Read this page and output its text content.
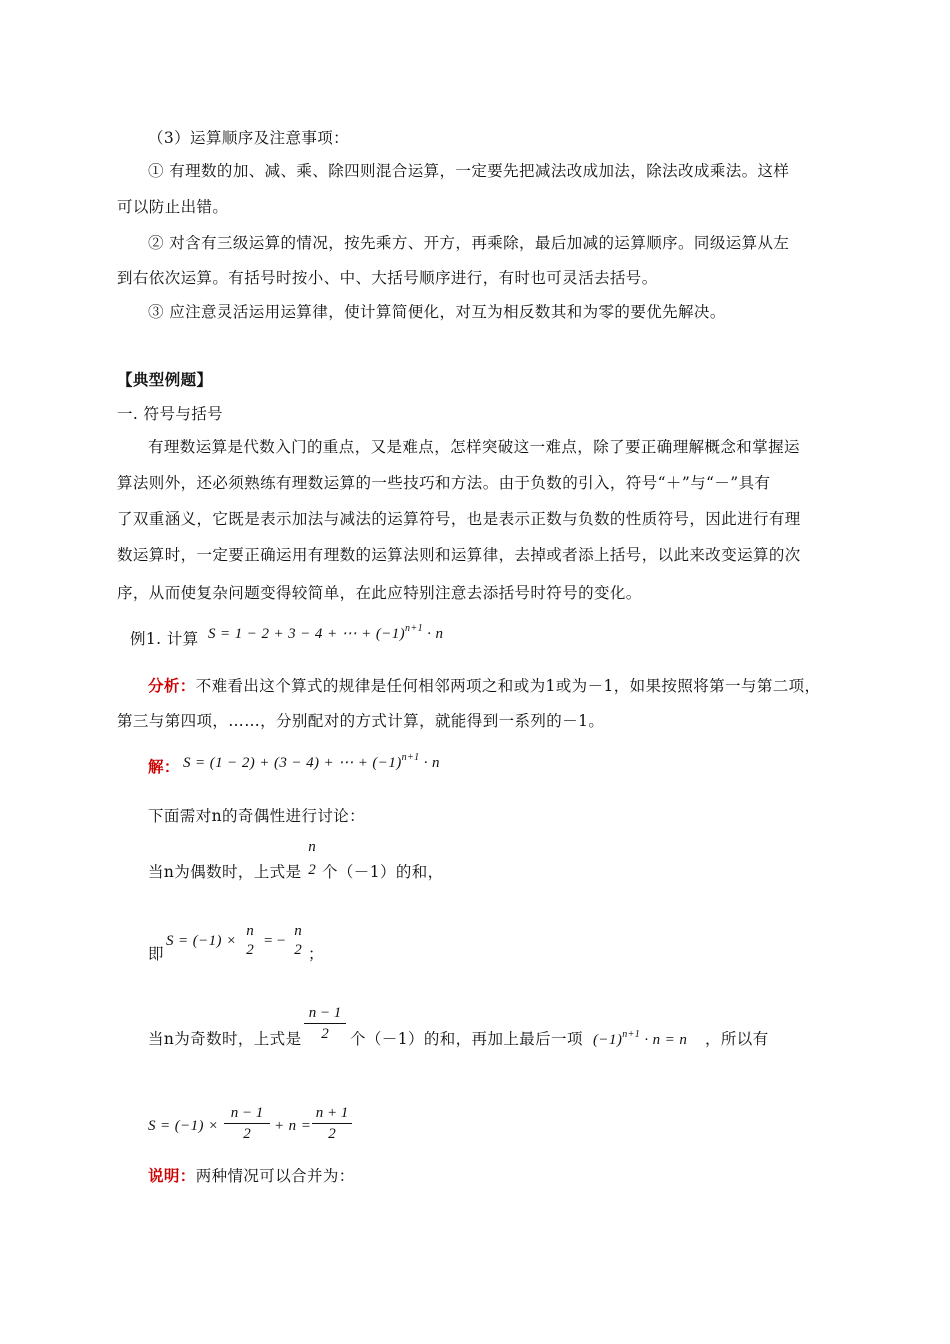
（3）运算顺序及注意事项：
① 有理数的加、减、乘、除四则混合运算，一定要先把减法改成加法，除法改成乘法。这样
可以防止出错。
② 对含有三级运算的情况，按先乘方、开方，再乘除，最后加减的运算顺序。同级运算从左
到右依次运算。有括号时按小、中、大括号顺序进行，有时也可灵活去括号。
③ 应注意灵活运用运算律，使计算简便化，对互为相反数其和为零的要优先解决。
【典型例题】
一. 符号与括号
有理数运算是代数入门的重点，又是难点，怎样突破这一难点，除了要正确理解概念和掌握运
算法则外，还必须熟练有理数运算的一些技巧和方法。由于负数的引入，符号“＋”与“－”具有
了双重涵义，它既是表示加法与减法的运算符号，也是表示正数与负数的性质符号，因此进行有理
数运算时，一定要正确运用有理数的运算法则和运算律，去掉或者添上括号，以此来改变运算的次
序，从而使复杂问题变得较简单，在此应特别注意去添括号时符号的变化。
例1. 计算 S = 1 − 2 + 3 − 4 + ⋯ + $(-1)^{n+1} \cdot n$
分析：不难看出这个算式的规律是任何相邻两项之和或为1或为－1，如果按照将第一与第二项，
第三与第四项，……，分别配对的方式计算，就能得到一系列的－1。
解： S = (1 − 2) + (3 − 4) + ⋯ + $(-1)^{n+1} \cdot n$
下面需对n的奇偶性进行讨论：
当n为偶数时，上式是
n
2 个（－1）的和，
即
S = (−1) ×
n
2
= −
n
2 ；
当n为奇数时，上式是
n − 1
2	个（－1）的和，再加上最后一项 $(-1)^{n+1} \cdot n = n$ ，所以有
S = (−1) ×
n − 1
2	+ n =
n + 1
2
说明：两种情况可以合并为：
